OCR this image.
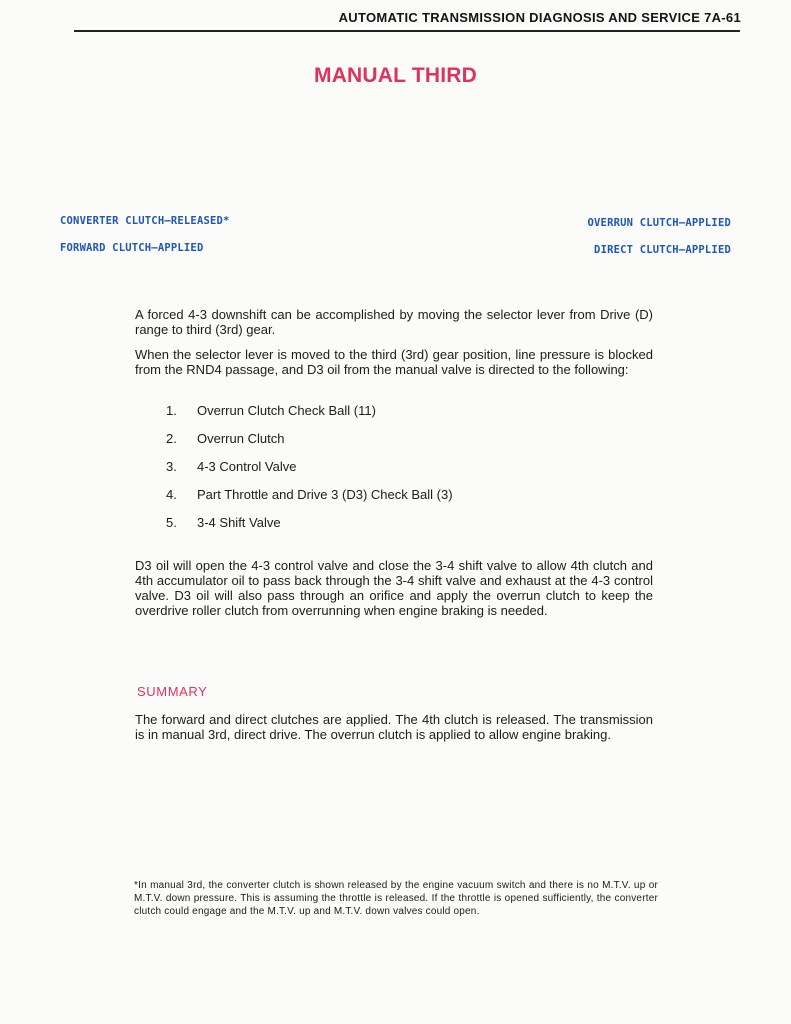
AUTOMATIC TRANSMISSION DIAGNOSIS AND SERVICE 7A-61
MANUAL THIRD
CONVERTER CLUTCH–RELEASED*
FORWARD CLUTCH–APPLIED
OVERRUN CLUTCH–APPLIED
DIRECT CLUTCH–APPLIED

A forced 4-3 downshift can be accomplished by moving the selector lever from Drive (D) range to third (3rd) gear.

When the selector lever is moved to the third (3rd) gear position, line pressure is blocked from the RND4 passage, and D3 oil from the manual valve is directed to the following:

1.	Overrun Clutch Check Ball (11)
2.	Overrun Clutch
3.	4-3 Control Valve
4.	Part Throttle and Drive 3 (D3) Check Ball (3)
5.	3-4 Shift Valve

D3 oil will open the 4-3 control valve and close the 3-4 shift valve to allow 4th clutch and 4th accumulator oil to pass back through the 3-4 shift valve and exhaust at the 4-3 control valve. D3 oil will also pass through an orifice and apply the overrun clutch to keep the overdrive roller clutch from overrunning when engine braking is needed.

SUMMARY

The forward and direct clutches are applied. The 4th clutch is released. The transmission is in manual 3rd, direct drive. The overrun clutch is applied to allow engine braking.

*In manual 3rd, the converter clutch is shown released by the engine vacuum switch and there is no M.T.V. up or M.T.V. down pressure. This is assuming the throttle is released. If the throttle is opened sufficiently, the converter clutch could engage and the M.T.V. up and M.T.V. down valves could open.
